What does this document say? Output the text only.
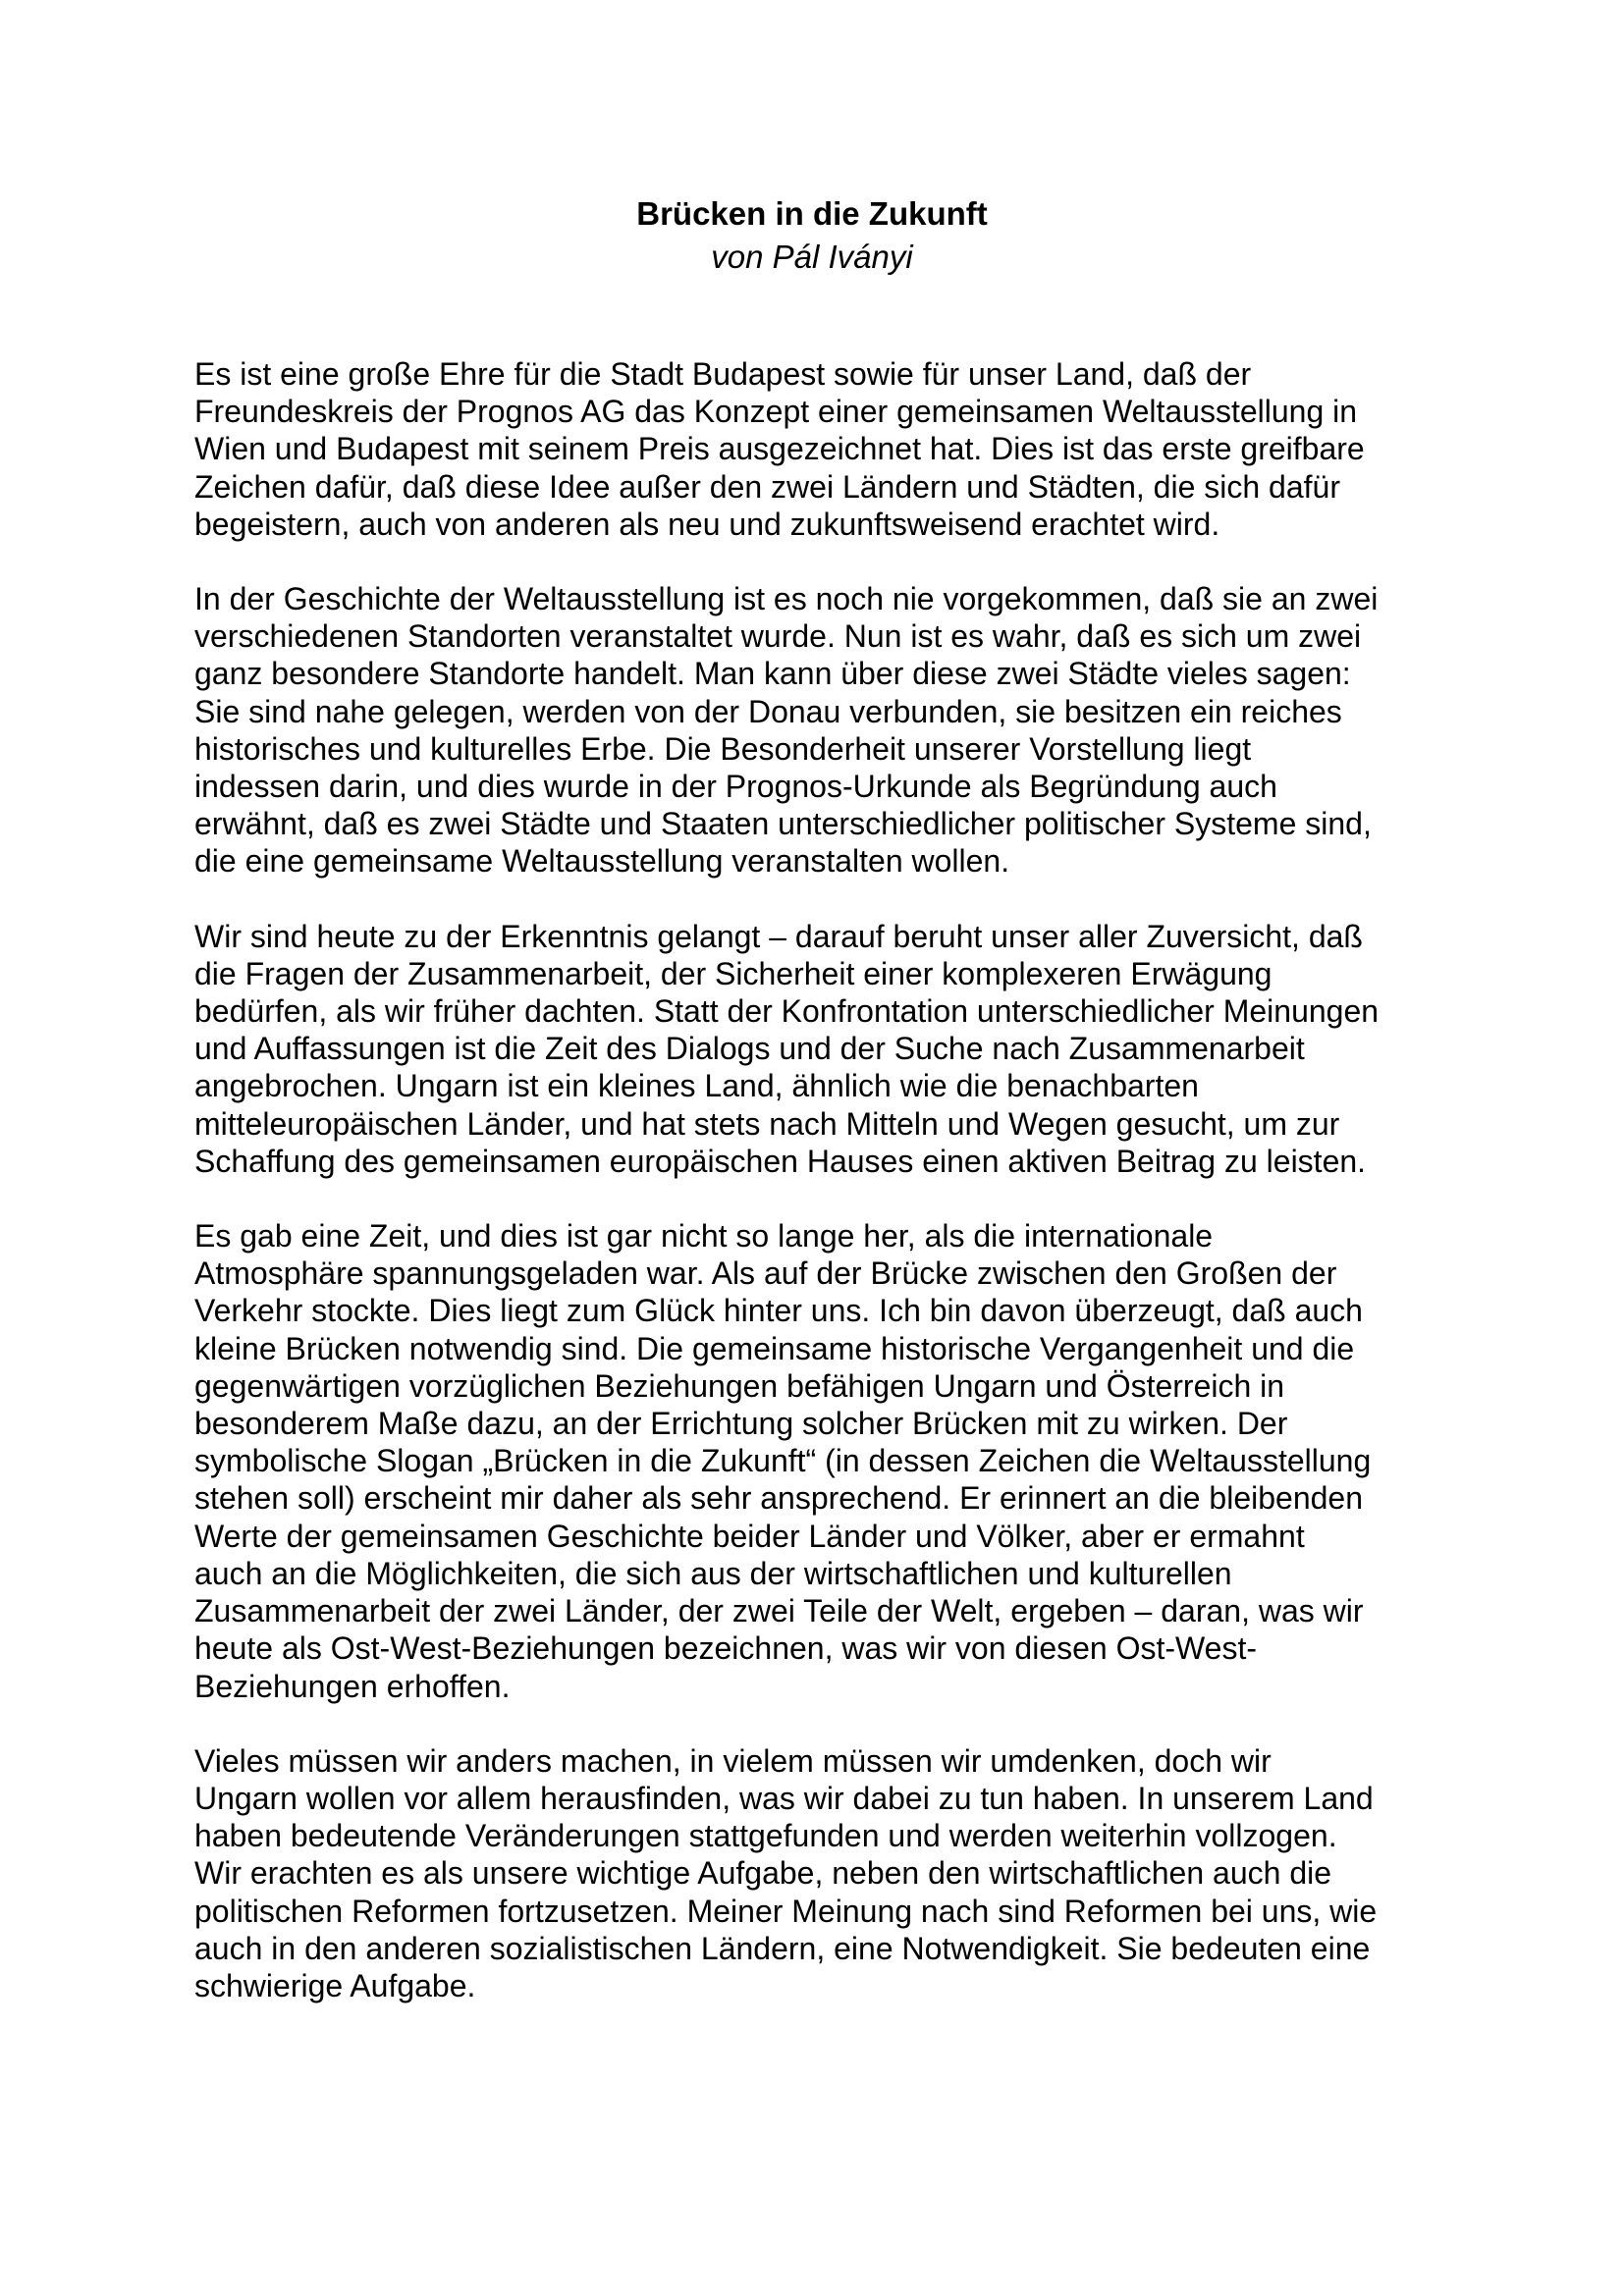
Brücken in die Zukunft
von Pál Iványi
Es ist eine große Ehre für die Stadt Budapest sowie für unser Land, daß der
Freundeskreis der Prognos AG das Konzept einer gemeinsamen Weltausstellung in
Wien und Budapest mit seinem Preis ausgezeichnet hat. Dies ist das erste greifbare
Zeichen dafür, daß diese Idee außer den zwei Ländern und Städten, die sich dafür
begeistern, auch von anderen als neu und zukunftsweisend erachtet wird.
In der Geschichte der Weltausstellung ist es noch nie vorgekommen, daß sie an zwei
verschiedenen Standorten veranstaltet wurde. Nun ist es wahr, daß es sich um zwei
ganz besondere Standorte handelt. Man kann über diese zwei Städte vieles sagen:
Sie sind nahe gelegen, werden von der Donau verbunden, sie besitzen ein reiches
historisches und kulturelles Erbe. Die Besonderheit unserer Vorstellung liegt
indessen darin, und dies wurde in der Prognos-Urkunde als Begründung auch
erwähnt, daß es zwei Städte und Staaten unterschiedlicher politischer Systeme sind,
die eine gemeinsame Weltausstellung veranstalten wollen.
Wir sind heute zu der Erkenntnis gelangt – darauf beruht unser aller Zuversicht, daß
die Fragen der Zusammenarbeit, der Sicherheit einer komplexeren Erwägung
bedürfen, als wir früher dachten. Statt der Konfrontation unterschiedlicher Meinungen
und Auffassungen ist die Zeit des Dialogs und der Suche nach Zusammenarbeit
angebrochen. Ungarn ist ein kleines Land, ähnlich wie die benachbarten
mitteleuropäischen Länder, und hat stets nach Mitteln und Wegen gesucht, um zur
Schaffung des gemeinsamen europäischen Hauses einen aktiven Beitrag zu leisten.
Es gab eine Zeit, und dies ist gar nicht so lange her, als die internationale
Atmosphäre spannungsgeladen war. Als auf der Brücke zwischen den Großen der
Verkehr stockte. Dies liegt zum Glück hinter uns. Ich bin davon überzeugt, daß auch
kleine Brücken notwendig sind. Die gemeinsame historische Vergangenheit und die
gegenwärtigen vorzüglichen Beziehungen befähigen Ungarn und Österreich in
besonderem Maße dazu, an der Errichtung solcher Brücken mit zu wirken. Der
symbolische Slogan „Brücken in die Zukunft“ (in dessen Zeichen die Weltausstellung
stehen soll) erscheint mir daher als sehr ansprechend. Er erinnert an die bleibenden
Werte der gemeinsamen Geschichte beider Länder und Völker, aber er ermahnt
auch an die Möglichkeiten, die sich aus der wirtschaftlichen und kulturellen
Zusammenarbeit der zwei Länder, der zwei Teile der Welt, ergeben – daran, was wir
heute als Ost-West-Beziehungen bezeichnen, was wir von diesen Ost-West-
Beziehungen erhoffen.
Vieles müssen wir anders machen, in vielem müssen wir umdenken, doch wir
Ungarn wollen vor allem herausfinden, was wir dabei zu tun haben. In unserem Land
haben bedeutende Veränderungen stattgefunden und werden weiterhin vollzogen.
Wir erachten es als unsere wichtige Aufgabe, neben den wirtschaftlichen auch die
politischen Reformen fortzusetzen. Meiner Meinung nach sind Reformen bei uns, wie
auch in den anderen sozialistischen Ländern, eine Notwendigkeit. Sie bedeuten eine
schwierige Aufgabe.
